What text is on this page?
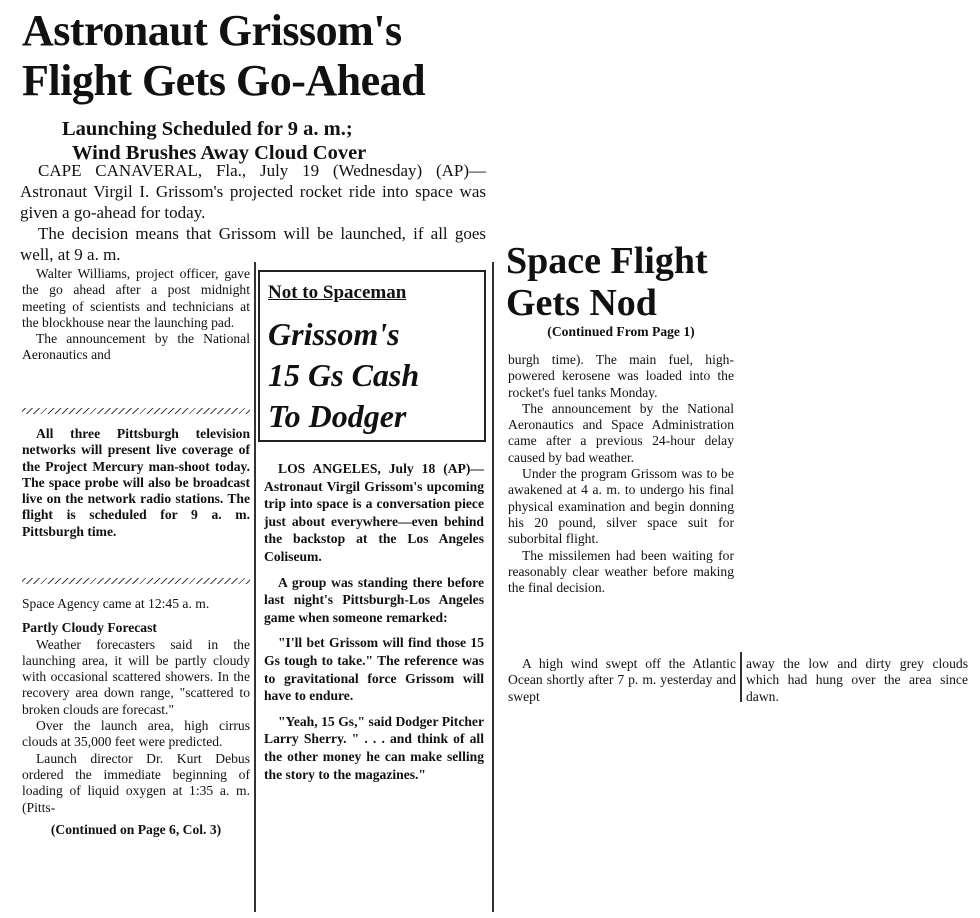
Astronaut Grissom's
Flight Gets Go-Ahead
Launching Scheduled for 9 a. m.;
Wind Brushes Away Cloud Cover

CAPE CANAVERAL, Fla., July 19 (Wednesday) (AP)—Astronaut Virgil I. Grissom's projected rocket ride into space was given a go-ahead for today.

The decision means that Grissom will be launched, if all goes well, at 9 a. m.

Walter Williams, project officer, gave the go ahead after a post midnight meeting of scientists and technicians at the blockhouse near the launching pad.

The announcement by the National Aeronautics and

All three Pittsburgh television networks will present live coverage of the Project Mercury man-shoot today. The space probe will also be broadcast live on the network radio stations. The flight is scheduled for 9 a. m. Pittsburgh time.

Space Agency came at 12:45 a. m.

Partly Cloudy Forecast

Weather forecasters said in the launching area, it will be partly cloudy with occasional scattered showers. In the recovery area down range, "scattered to broken clouds are forecast."

Over the launch area, high cirrus clouds at 35,000 feet were predicted.

Launch director Dr. Kurt Debus ordered the immediate beginning of loading of liquid oxygen at 1:35 a. m. (Pitts-

(Continued on Page 6, Col. 3)

Not to Spaceman
Grissom's
15 Gs Cash
To Dodger

LOS ANGELES, July 18 (AP)—Astronaut Virgil Grissom's upcoming trip into space is a conversation piece just about everywhere—even behind the backstop at the Los Angeles Coliseum.

A group was standing there before last night's Pittsburgh-Los Angeles game when someone remarked:

"I'll bet Grissom will find those 15 Gs tough to take." The reference was to gravitational force Grissom will have to endure.

"Yeah, 15 Gs," said Dodger Pitcher Larry Sherry. " . . . and think of all the other money he can make selling the story to the magazines."

Space Flight
Gets Nod
(Continued From Page 1)

burgh time). The main fuel, high-powered kerosene was loaded into the rocket's fuel tanks Monday.

The announcement by the National Aeronautics and Space Administration came after a previous 24-hour delay caused by bad weather.

Under the program Grissom was to be awakened at 4 a. m. to undergo his final physical examination and begin donning his 20 pound, silver space suit for suborbital flight.

The missilemen had been waiting for reasonably clear weather before making the final decision.

A high wind swept off the Atlantic Ocean shortly after 7 p. m. yesterday and swept

away the low and dirty grey clouds which had hung over the area since dawn.
